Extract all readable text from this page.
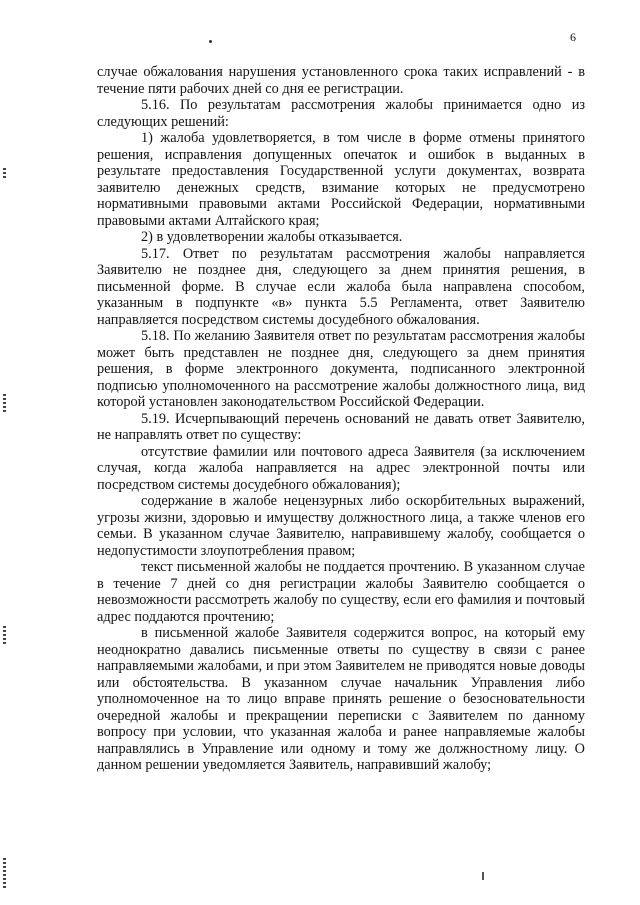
6

случае обжалования нарушения установленного срока таких исправлений - в течение пяти рабочих дней со дня ее регистрации.

5.16. По результатам рассмотрения жалобы принимается одно из следующих решений:

1) жалоба удовлетворяется, в том числе в форме отмены принятого решения, исправления допущенных опечаток и ошибок в выданных в результате предоставления Государственной услуги документах, возврата заявителю денежных средств, взимание которых не предусмотрено нормативными правовыми актами Российской Федерации, нормативными правовыми актами Алтайского края;

2) в удовлетворении жалобы отказывается.

5.17. Ответ по результатам рассмотрения жалобы направляется Заявителю не позднее дня, следующего за днем принятия решения, в письменной форме. В случае если жалоба была направлена способом, указанным в подпункте «в» пункта 5.5 Регламента, ответ Заявителю направляется посредством системы досудебного обжалования.

5.18. По желанию Заявителя ответ по результатам рассмотрения жалобы может быть представлен не позднее дня, следующего за днем принятия решения, в форме электронного документа, подписанного электронной подписью уполномоченного на рассмотрение жалобы должностного лица, вид которой установлен законодательством Российской Федерации.

5.19. Исчерпывающий перечень оснований не давать ответ Заявителю, не направлять ответ по существу:

отсутствие фамилии или почтового адреса Заявителя (за исключением случая, когда жалоба направляется на адрес электронной почты или посредством системы досудебного обжалования);

содержание в жалобе нецензурных либо оскорбительных выражений, угрозы жизни, здоровью и имуществу должностного лица, а также членов его семьи. В указанном случае Заявителю, направившему жалобу, сообщается о недопустимости злоупотребления правом;

текст письменной жалобы не поддается прочтению. В указанном случае в течение 7 дней со дня регистрации жалобы Заявителю сообщается о невозможности рассмотреть жалобу по существу, если его фамилия и почтовый адрес поддаются прочтению;

в письменной жалобе Заявителя содержится вопрос, на который ему неоднократно давались письменные ответы по существу в связи с ранее направляемыми жалобами, и при этом Заявителем не приводятся новые доводы или обстоятельства. В указанном случае начальник Управления либо уполномоченное на то лицо вправе принять решение о безосновательности очередной жалобы и прекращении переписки с Заявителем по данному вопросу при условии, что указанная жалоба и ранее направляемые жалобы направлялись в Управление или одному и тому же должностному лицу. О данном решении уведомляется Заявитель, направивший жалобу;
